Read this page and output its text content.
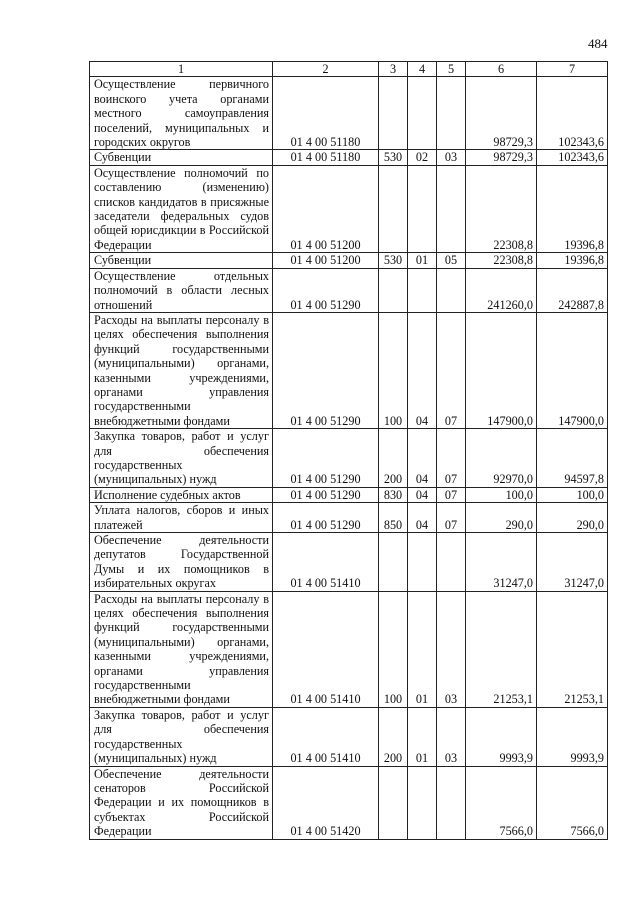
484
1	2	3	4	5	6	7
Осуществление первичного воинского учета органами местного самоуправления поселений, муниципальных и городских округов	01 4 00 51180				98729,3	102343,6
Субвенции	01 4 00 51180	530	02	03	98729,3	102343,6
Осуществление полномочий по составлению (изменению) списков кандидатов в присяжные заседатели федеральных судов общей юрисдикции в Российской Федерации	01 4 00 51200				22308,8	19396,8
Субвенции	01 4 00 51200	530	01	05	22308,8	19396,8
Осуществление отдельных полномочий в области лесных отношений	01 4 00 51290				241260,0	242887,8
Расходы на выплаты персоналу в целях обеспечения выполнения функций государственными (муниципальными) органами, казенными учреждениями, органами управления государственными внебюджетными фондами	01 4 00 51290	100	04	07	147900,0	147900,0
Закупка товаров, работ и услуг для обеспечения государственных (муниципальных) нужд	01 4 00 51290	200	04	07	92970,0	94597,8
Исполнение судебных актов	01 4 00 51290	830	04	07	100,0	100,0
Уплата налогов, сборов и иных платежей	01 4 00 51290	850	04	07	290,0	290,0
Обеспечение деятельности депутатов Государственной Думы и их помощников в избирательных округах	01 4 00 51410				31247,0	31247,0
Расходы на выплаты персоналу в целях обеспечения выполнения функций государственными (муниципальными) органами, казенными учреждениями, органами управления государственными внебюджетными фондами	01 4 00 51410	100	01	03	21253,1	21253,1
Закупка товаров, работ и услуг для обеспечения государственных (муниципальных) нужд	01 4 00 51410	200	01	03	9993,9	9993,9
Обеспечение деятельности сенаторов Российской Федерации и их помощников в субъектах Российской Федерации	01 4 00 51420				7566,0	7566,0
